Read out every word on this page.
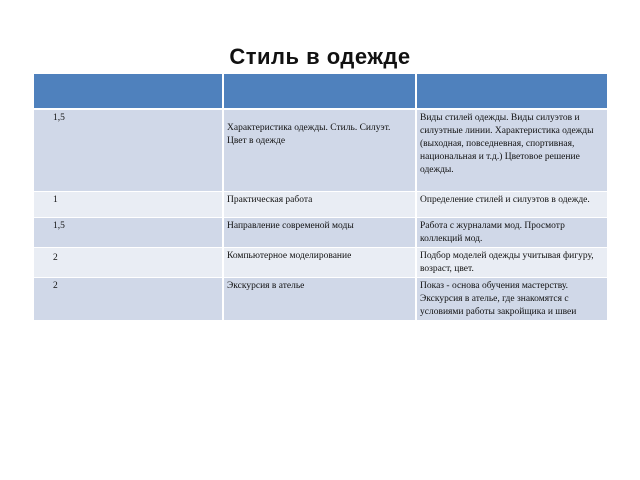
Стиль в одежде

1,5	Характеристика одежды. Стиль. Силуэт. Цвет в одежде	Виды стилей одежды. Виды силуэтов и силуэтные линии. Характеристика одежды (выходная, повседневная, спортивная, национальная и т.д.) Цветовое решение одежды.
1	Практическая работа	Определение стилей и силуэтов в одежде.
1,5	Направление современой моды	Работа с журналами мод. Просмотр коллекций мод.
2	Компьютерное моделирование	Подбор моделей одежды учитывая фигуру, возраст, цвет.
2	Экскурсия в ателье	Показ - основа обучения мастерству. Экскурсия в ателье, где знакомятся с условиями работы закройщика и швеи
